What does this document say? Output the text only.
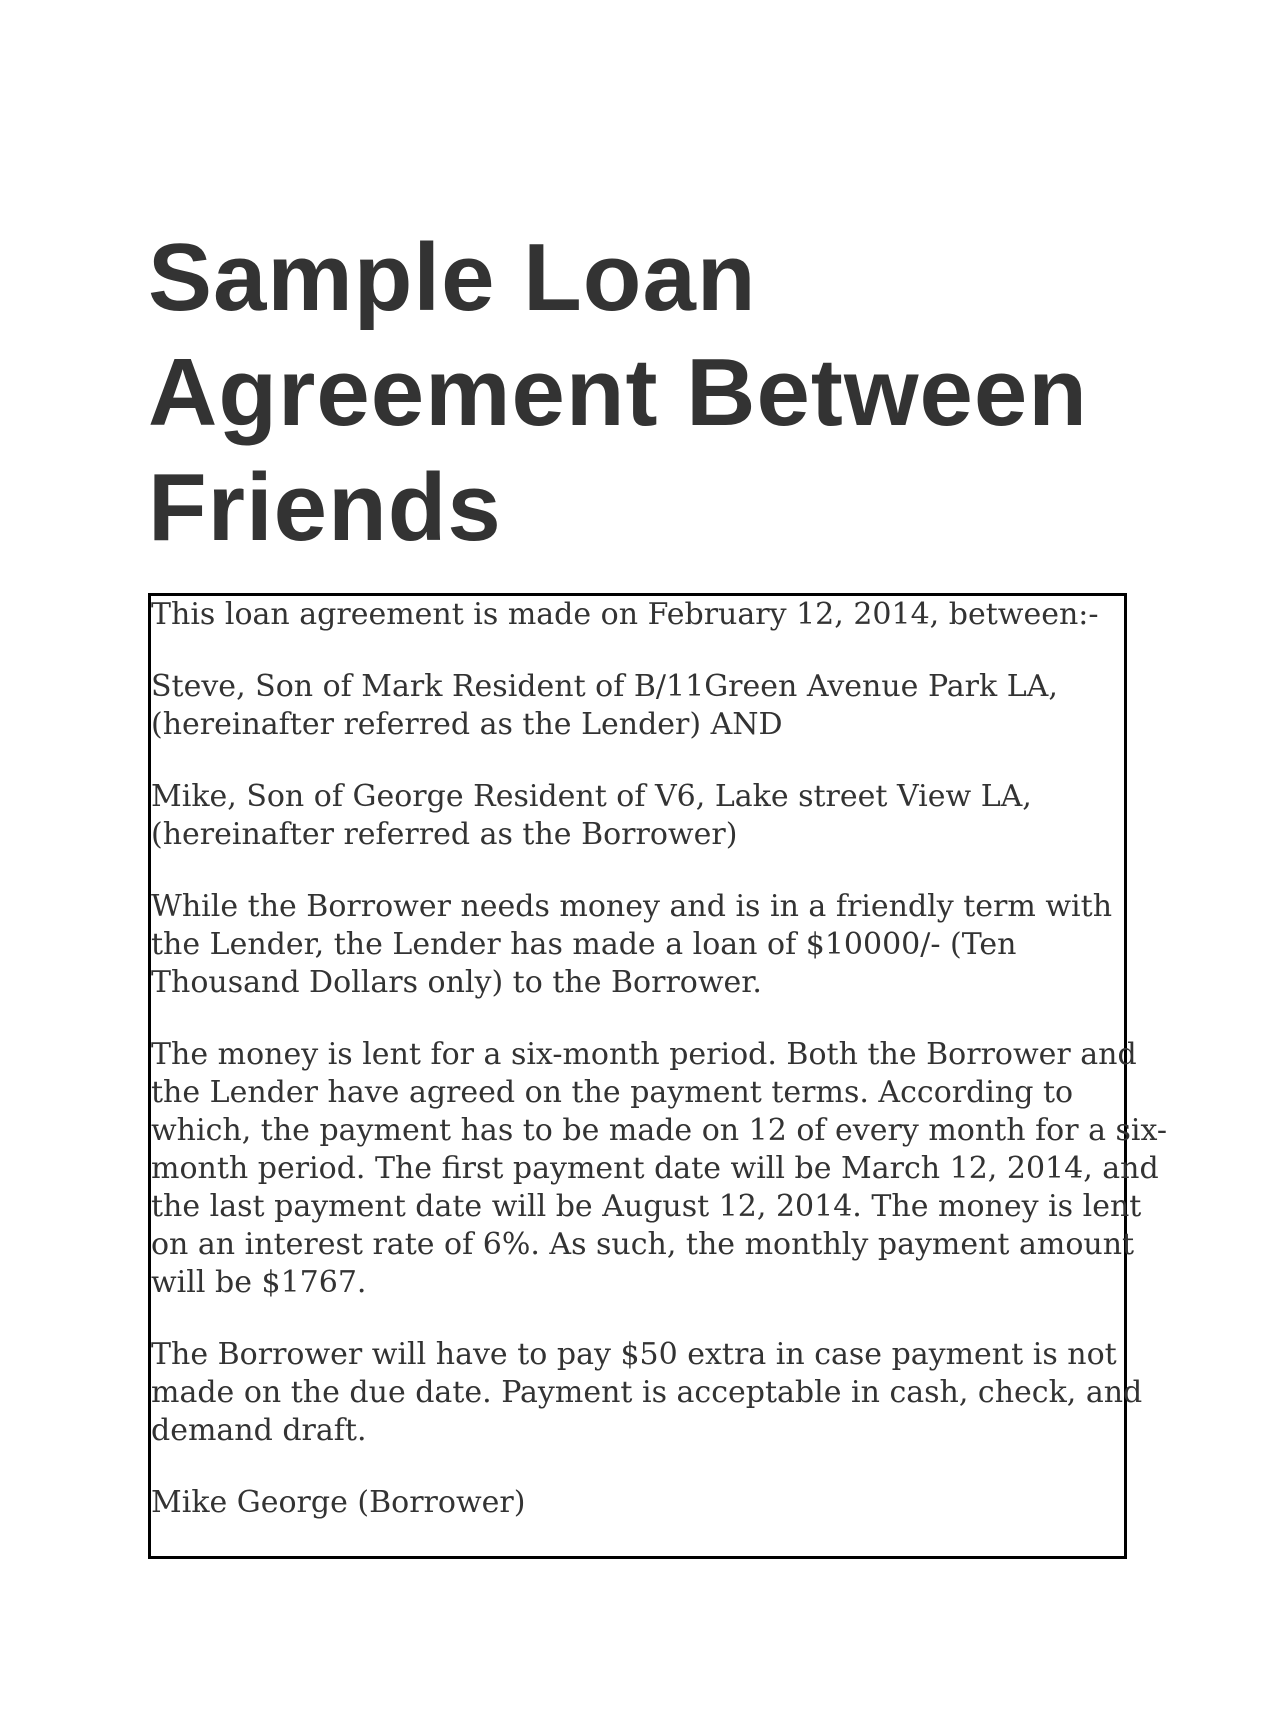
Sample Loan
Agreement Between
Friends

This loan agreement is made on February 12, 2014, between:-

Steve, Son of Mark Resident of B/11Green Avenue Park LA,
(hereinafter referred as the Lender) AND

Mike, Son of George Resident of V6, Lake street View LA,
(hereinafter referred as the Borrower)

While the Borrower needs money and is in a friendly term with
the Lender, the Lender has made a loan of $10000/- (Ten
Thousand Dollars only) to the Borrower.

The money is lent for a six-month period. Both the Borrower and
the Lender have agreed on the payment terms. According to
which, the payment has to be made on 12 of every month for a six-
month period. The first payment date will be March 12, 2014, and
the last payment date will be August 12, 2014. The money is lent
on an interest rate of 6%. As such, the monthly payment amount
will be $1767.

The Borrower will have to pay $50 extra in case payment is not
made on the due date. Payment is acceptable in cash, check, and
demand draft.

Mike George (Borrower)
